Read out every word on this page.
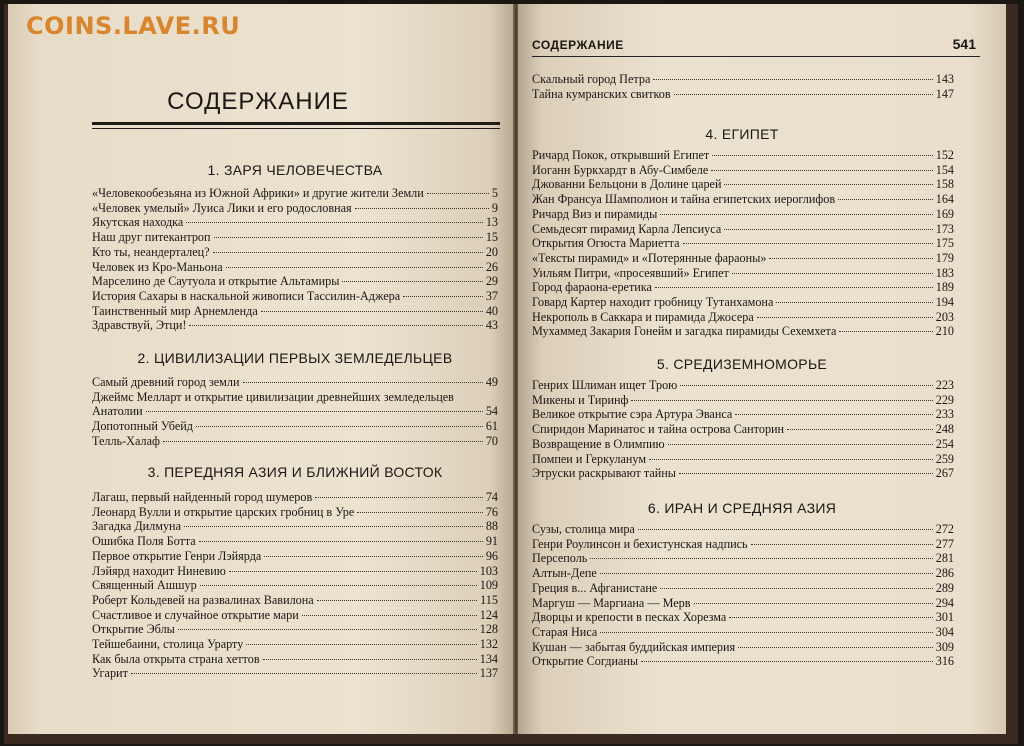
СОДЕРЖАНИЕ
1. ЗАРЯ ЧЕЛОВЕЧЕСТВА
«Человекообезьяна из Южной Африки» и другие жители Земли	5
«Человек умелый» Луиса Лики и его родословная	9
Якутская находка	13
Наш друг питекантроп	15
Кто ты, неандерталец?	20
Человек из Кро-Маньона	26
Марселино де Саутуола и открытие Альтамиры	29
История Сахары в наскальной живописи Тассилин-Аджера	37
Таинственный мир Арнемленда	40
Здравствуй, Этци!	43
2. ЦИВИЛИЗАЦИИ ПЕРВЫХ ЗЕМЛЕДЕЛЬЦЕВ
Самый древний город земли	49
Джеймс Мелларт и открытие цивилизации древнейших земледельцев
Анатолии	54
Допотопный Убейд	61
Телль-Халаф	70
3. ПЕРЕДНЯЯ АЗИЯ И БЛИЖНИЙ ВОСТОК
Лагаш, первый найденный город шумеров	74
Леонард Вулли и открытие царских гробниц в Уре	76
Загадка Дилмуна	88
Ошибка Поля Ботта	91
Первое открытие Генри Лэйярда	96
Лэйярд находит Ниневию	103
Священный Ашшур	109
Роберт Кольдевей на развалинах Вавилона	115
Счастливое и случайное открытие мари	124
Открытие Эблы	128
Тейшебаини, столица Урарту	132
Как была открыта страна хеттов	134
Угарит	137
СОДЕРЖАНИЕ	541
Скальный город Петра	143
Тайна кумранских свитков	147
4. ЕГИПЕТ
Ричард Покок, открывший Египет	152
Иоганн Буркхардт в Абу-Симбеле	154
Джованни Бельцони в Долине царей	158
Жан Франсуа Шамполион и тайна египетских иероглифов	164
Ричард Виз и пирамиды	169
Семьдесят пирамид Карла Лепсиуса	173
Открытия Огюста Мариетта	175
«Тексты пирамид» и «Потерянные фараоны»	179
Уильям Питри, «просеявший» Египет	183
Город фараона-еретика	189
Говард Картер находит гробницу Тутанхамона	194
Некрополь в Саккара и пирамида Джосера	203
Мухаммед Закария Гонейм и загадка пирамиды Сехемхета	210
5. СРЕДИЗЕМНОМОРЬЕ
Генрих Шлиман ищет Трою	223
Микены и Тиринф	229
Великое открытие сэра Артура Эванса	233
Спиридон Маринатос и тайна острова Санторин	248
Возвращение в Олимпию	254
Помпеи и Геркуланум	259
Этруски раскрывают тайны	267
6. ИРАН И СРЕДНЯЯ АЗИЯ
Сузы, столица мира	272
Генри Роулинсон и бехистунская надпись	277
Персеполь	281
Алтын-Депе	286
Греция в... Афганистане	289
Маргуш — Маргиана — Мерв	294
Дворцы и крепости в песках Хорезма	301
Старая Ниса	304
Кушан — забытая буддийская империя	309
Открытие Согдианы	316
COINS.LAVE.RU
